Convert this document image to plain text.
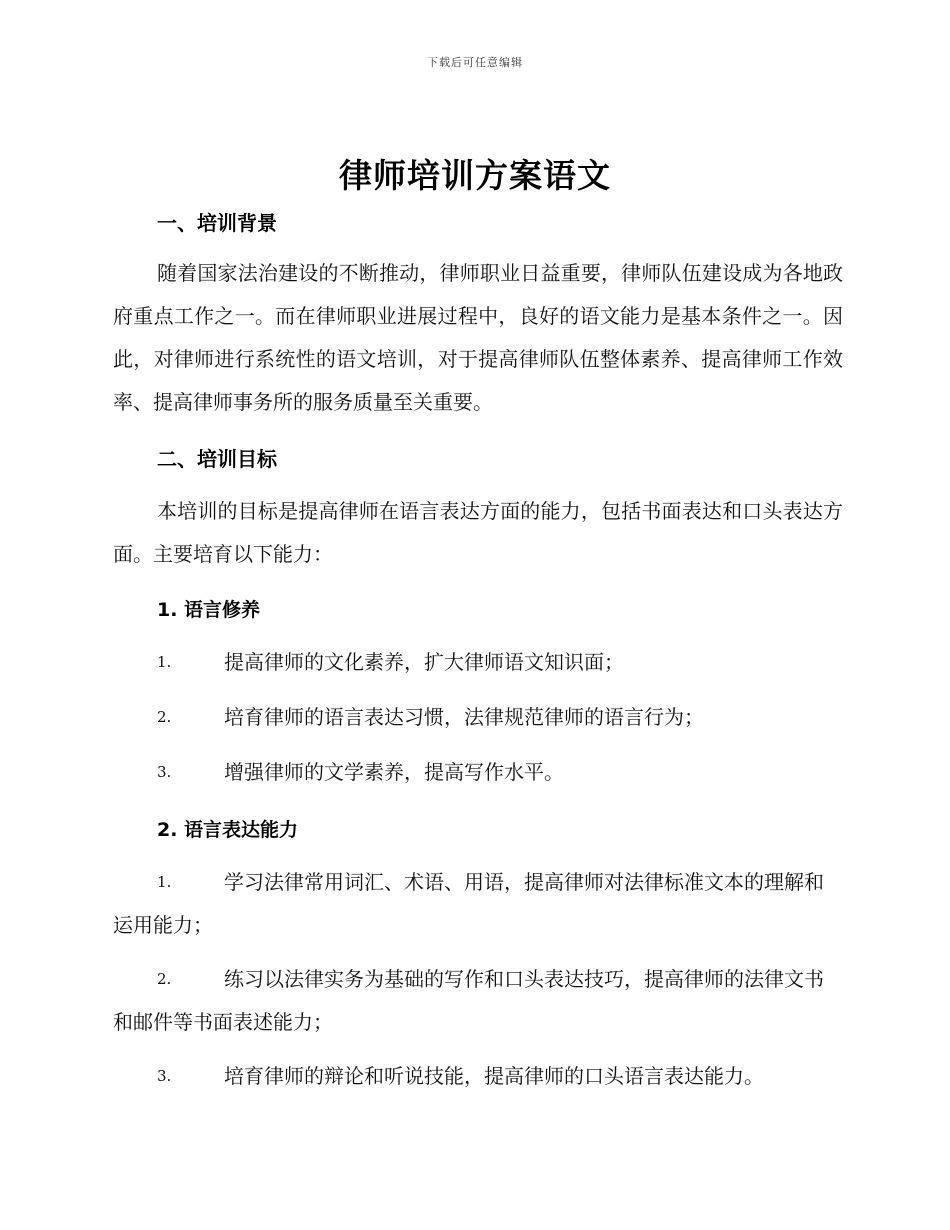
下载后可任意编辑
律师培训方案语文
一、培训背景

随着国家法治建设的不断推动，律师职业日益重要，律师队伍建设成为各地政府重点工作之一。而在律师职业进展过程中，良好的语文能力是基本条件之一。因此，对律师进行系统性的语文培训，对于提高律师队伍整体素养、提高律师工作效率、提高律师事务所的服务质量至关重要。

二、培训目标

本培训的目标是提高律师在语言表达方面的能力，包括书面表达和口头表达方面。主要培育以下能力：

1. 语言修养
1.	提高律师的文化素养，扩大律师语文知识面；
2.	培育律师的语言表达习惯，法律规范律师的语言行为；
3.	增强律师的文学素养，提高写作水平。
2. 语言表达能力
1.	学习法律常用词汇、术语、用语，提高律师对法律标准文本的理解和运用能力；
2.	练习以法律实务为基础的写作和口头表达技巧，提高律师的法律文书和邮件等书面表述能力；
3.	培育律师的辩论和听说技能，提高律师的口头语言表达能力。
